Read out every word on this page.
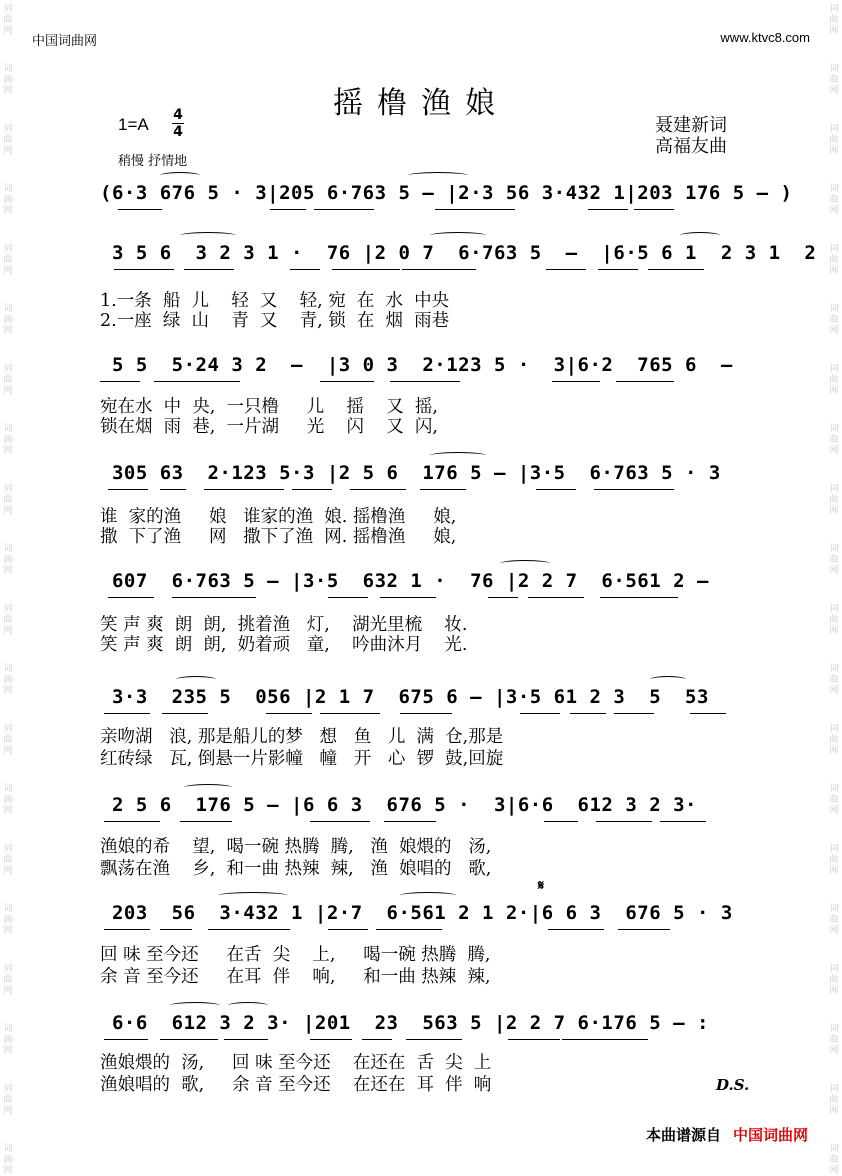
词
曲
网
词
曲
网
词
曲
网
词
曲
网
词
曲
网
词
曲
网
词
曲
网
词
曲
网
词
曲
网
词
曲
网
词
曲
网
词
曲
网
词
曲
网
词
曲
网
词
曲
网
词
曲
网
词
曲
网
词
曲
网
词
曲
网
词
曲
网
词
曲
网
词
曲
网
词
曲
网
词
曲
网
词
曲
网
词
曲
网
词
曲
网
词
曲
网
词
曲
网
词
曲
网
词
曲
网
词
曲
网
词
曲
网
词
曲
网
词
曲
网
词
曲
网
词
曲
网
词
曲
网
词
曲
网
词
曲
网
中国词曲网	www.ktvc8.com
摇橹渔娘
1=A 4
4	聂建新词
高福友曲
稍慢 抒情地
(6·3 676 5 · 3|205 6·763 5 – |2·3 56 3·432 1|203 176 5 – )
3 5 6  3 2 3 1 ·  76 |2 0 7  6·763 5  –  |6·5 6 1  2 3 1  2
1.一条  船  儿    轻  又    轻, 宛  在  水  中央
2.一座  绿  山    青  又    青, 锁  在  烟  雨巷
5 5  5·24 3 2  –  |3 0 3  2·123 5 ·  3|6·2  765 6  –
宛在水  中  央,  一只橹     儿    摇    又  摇,
锁在烟  雨  巷,  一片湖     光    闪    又  闪,
305 63  2·123 5·3 |2 5 6  176 5 – |3·5  6·763 5 · 3
谁  家的渔     娘   谁家的渔  娘. 摇橹渔     娘,
撒  下了渔     网   撒下了渔  网. 摇橹渔     娘,
607  6·763 5 – |3·5  632 1 ·  76 |2 2 7  6·561 2 –
笑 声 爽  朗  朗,  挑着渔   灯,    湖光里梳    妆.
笑 声 爽  朗  朗,  奶着顽   童,    吟曲沐月    光.
3·3  235 5  056 |2 1 7  675 6 – |3·5 61 2 3  5  53
亲吻湖   浪, 那是船儿的梦   想   鱼   儿  满  仓,那是
红砖绿   瓦, 倒悬一片影幢   幢   开   心  锣  鼓,回旋
2 5 6  176 5 – |6 6 3  676 5 ·  3|6·6  612 3 2 3·
渔娘的希    望,  喝一碗 热腾  腾,   渔  娘煨的   汤,
飘荡在渔    乡,  和一曲 热辣  辣,   渔  娘唱的   歌,
𝄋
203  56  3·432 1 |2·7  6·561 2 1 2·|6 6 3  676 5 · 3
回 味 至今还     在舌  尖    上,     喝一碗 热腾  腾,
余 音 至今还     在耳  伴    响,     和一曲 热辣  辣,
6·6  612 3 2 3· |201  23  563 5 |2 2 7 6·176 5 – :
渔娘煨的  汤,     回 味 至今还    在还在  舌  尖  上
渔娘唱的  歌,     余 音 至今还    在还在  耳  伴  响	D.S.
本曲谱源自 中国词曲网
